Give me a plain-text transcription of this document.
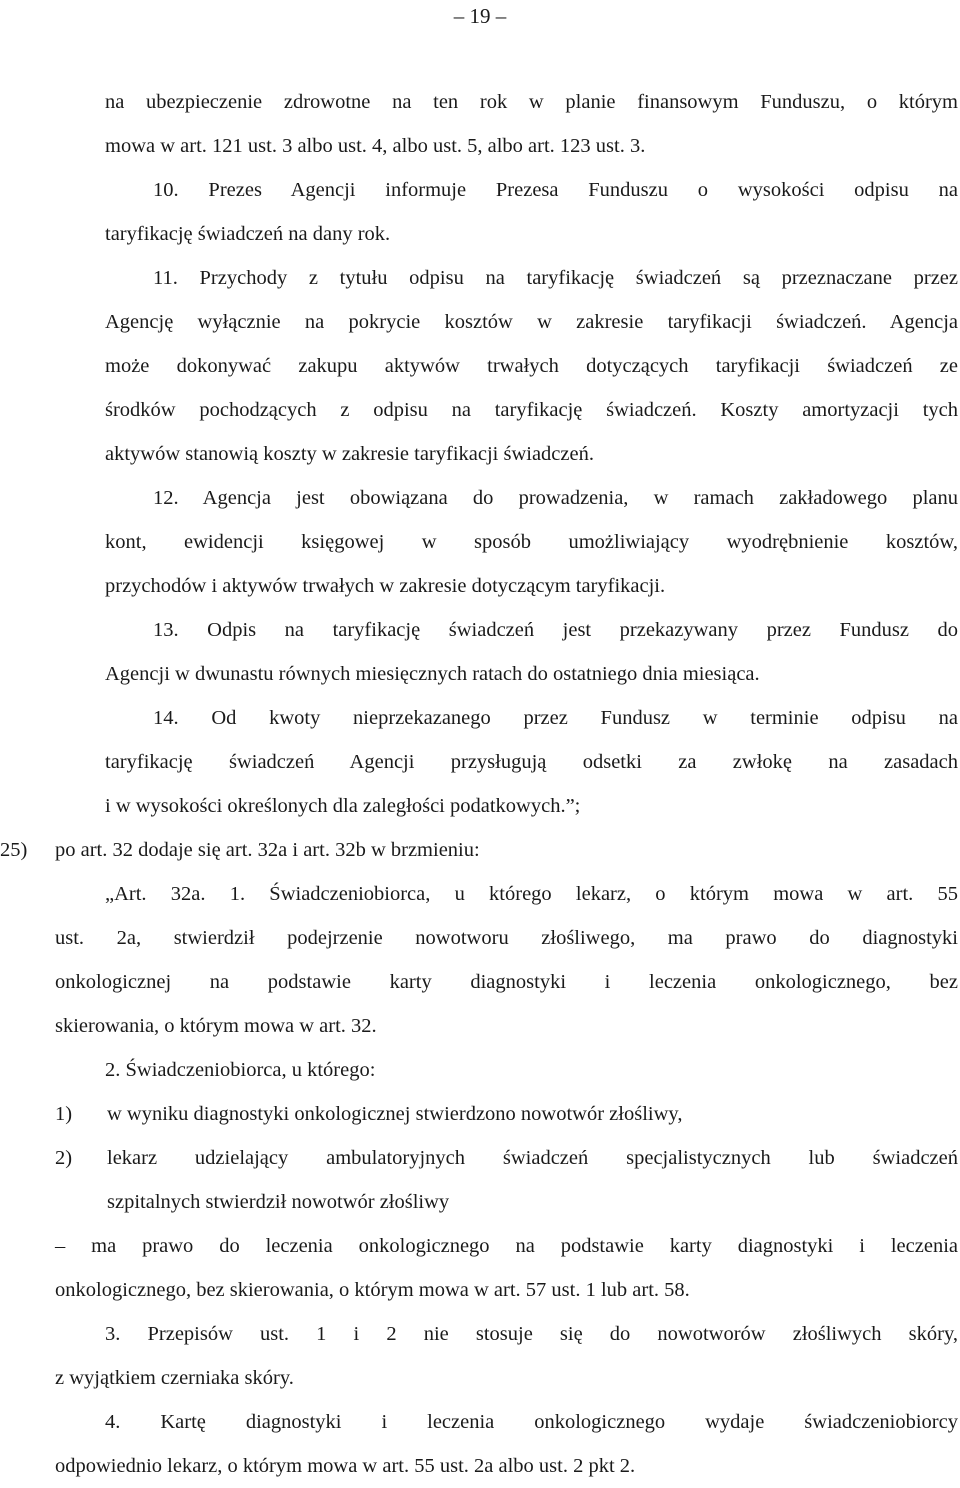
– 19 –
na ubezpieczenie zdrowotne na ten rok w planie finansowym Funduszu, o którym
mowa w art. 121 ust. 3 albo ust. 4, albo ust. 5, albo art. 123 ust. 3.
10. Prezes Agencji informuje Prezesa Funduszu o wysokości odpisu na
taryfikację świadczeń na dany rok.
11. Przychody z tytułu odpisu na taryfikację świadczeń są przeznaczane przez
Agencję wyłącznie na pokrycie kosztów w zakresie taryfikacji świadczeń. Agencja
może dokonywać zakupu aktywów trwałych dotyczących taryfikacji świadczeń ze
środków pochodzących z odpisu na taryfikację świadczeń. Koszty amortyzacji tych
aktywów stanowią koszty w zakresie taryfikacji świadczeń.
12. Agencja jest obowiązana do prowadzenia, w ramach zakładowego planu
kont, ewidencji księgowej w sposób umożliwiający wyodrębnienie kosztów,
przychodów i aktywów trwałych w zakresie dotyczącym taryfikacji.
13. Odpis na taryfikację świadczeń jest przekazywany przez Fundusz do
Agencji w dwunastu równych miesięcznych ratach do ostatniego dnia miesiąca.
14. Od kwoty nieprzekazanego przez Fundusz w terminie odpisu na
taryfikację świadczeń Agencji przysługują odsetki za zwłokę na zasadach
i w wysokości określonych dla zaległości podatkowych.”;
25) po art. 32 dodaje się art. 32a i art. 32b w brzmieniu:
„Art. 32a. 1. Świadczeniobiorca, u którego lekarz, o którym mowa w art. 55
ust. 2a, stwierdził podejrzenie nowotworu złośliwego, ma prawo do diagnostyki
onkologicznej na podstawie karty diagnostyki i leczenia onkologicznego, bez
skierowania, o którym mowa w art. 32.
2. Świadczeniobiorca, u którego:
1) w wyniku diagnostyki onkologicznej stwierdzono nowotwór złośliwy,
2) lekarz udzielający ambulatoryjnych świadczeń specjalistycznych lub świadczeń
szpitalnych stwierdził nowotwór złośliwy
– ma prawo do leczenia onkologicznego na podstawie karty diagnostyki i leczenia
onkologicznego, bez skierowania, o którym mowa w art. 57 ust. 1 lub art. 58.
3. Przepisów ust. 1 i 2 nie stosuje się do nowotworów złośliwych skóry,
z wyjątkiem czerniaka skóry.
4. Kartę diagnostyki i leczenia onkologicznego wydaje świadczeniobiorcy
odpowiednio lekarz, o którym mowa w art. 55 ust. 2a albo ust. 2 pkt 2.
